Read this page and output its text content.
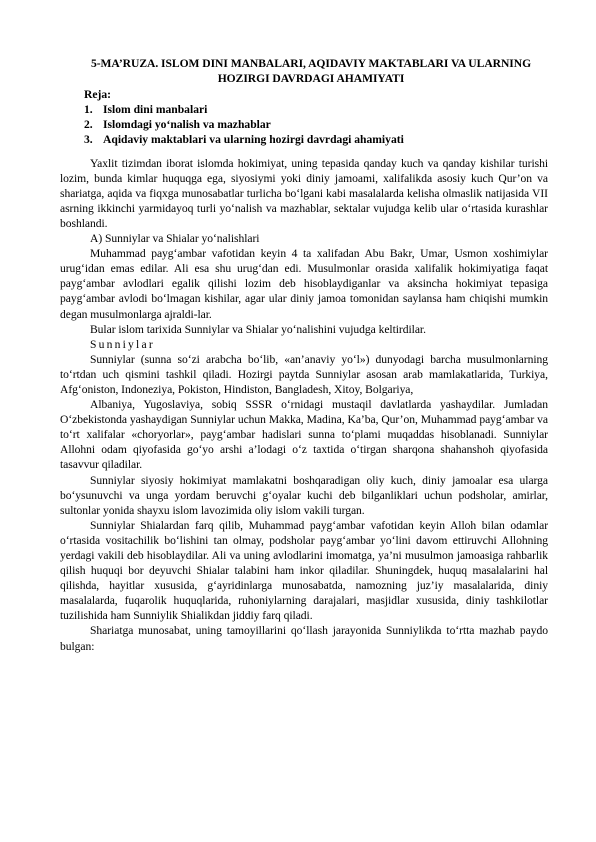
5-MA’RUZA. ISLOM DINI MANBALARI, AQIDAVIY MAKTABLARI VA ULARNING HOZIRGI DAVRDAGI AHAMIYATI

Reja:

1. Islom dini manbalari
2. Islomdagi yo‘nalish va mazhablar
3. Aqidaviy maktablari va ularning hozirgi davrdagi ahamiyati

Yaxlit tizimdan iborat islomda hokimiyat, uning tepasida qanday kuch va qanday kishilar turishi lozim, bunda kimlar huquqga ega, siyosiymi yoki diniy jamoami, xalifalikda asosiy kuch Qur’on va shariatga, aqida va fiqxga munosabatlar turlicha bo‘lgani kabi masalalarda kelisha olmaslik natijasida VII asrning ikkinchi yarmidayoq turli yo‘nalish va mazhablar, sektalar vujudga kelib ular o‘rtasida kurashlar boshlandi.

A) Sunniylar va Shialar yo‘nalishlari

Muhammad payg‘ambar vafotidan keyin 4 ta xalifadan Abu Bakr, Umar, Usmon xoshimiylar urug‘idan emas edilar. Ali esa shu urug‘dan edi. Musulmonlar orasida xalifalik hokimiyatiga faqat payg‘ambar avlodlari egalik qilishi lozim deb hisoblaydiganlar va aksincha hokimiyat tepasiga payg‘ambar avlodi bo‘lmagan kishilar, agar ular diniy jamoa tomonidan saylansa ham chiqishi mumkin degan musulmonlarga ajraldi-lar.

Bular islom tarixida Sunniylar va Shialar yo‘nalishini vujudga keltirdilar.

Sunniylar

Sunniylar (sunna so‘zi arabcha bo‘lib, «an’anaviy yo‘l») dunyodagi barcha musulmonlarning to‘rtdan uch qismini tashkil qiladi. Hozirgi paytda Sunniylar asosan arab mamlakatlarida, Turkiya, Afg‘oniston, Indoneziya, Pokiston, Hindiston, Bangladesh, Xitoy, Bolgariya,

Albaniya, Yugoslaviya, sobiq SSSR o‘rnidagi mustaqil davlatlarda yashaydilar. Jumladan O‘zbekistonda yashaydigan Sunniylar uchun Makka, Madina, Ka’ba, Qur’on, Muhammad payg‘ambar va to‘rt xalifalar «choryorlar», payg‘ambar hadislari sunna to‘plami muqaddas hisoblanadi. Sunniylar Allohni odam qiyofasida go‘yo arshi a’lodagi o‘z taxtida o‘tirgan sharqona shahanshoh qiyofasida tasavvur qiladilar.

Sunniylar siyosiy hokimiyat mamlakatni boshqaradigan oliy kuch, diniy jamoalar esa ularga bo‘ysunuvchi va unga yordam beruvchi g‘oyalar kuchi deb bilganliklari uchun podsholar, amirlar, sultonlar yonida shayxu islom lavozimida oliy islom vakili turgan.

Sunniylar Shialardan farq qilib, Muhammad payg‘ambar vafotidan keyin Alloh bilan odamlar o‘rtasida vositachilik bo‘lishini tan olmay, podsholar payg‘ambar yo‘lini davom ettiruvchi Allohning yerdagi vakili deb hisoblaydilar. Ali va uning avlodlarini imomatga, ya’ni musulmon jamoasiga rahbarlik qilish huquqi bor deyuvchi Shialar talabini ham inkor qiladilar. Shuningdek, huquq masalalarini hal qilishda, hayitlar xususida, g‘ayridinlarga munosabatda, namozning juz’iy masalalarida, diniy masalalarda, fuqarolik huquqlarida, ruhoniylarning darajalari, masjidlar xususida, diniy tashkilotlar tuzilishida ham Sunniylik Shialikdan jiddiy farq qiladi.

Shariatga munosabat, uning tamoyillarini qo‘llash jarayonida Sunniylikda to‘rtta mazhab paydo bulgan:
